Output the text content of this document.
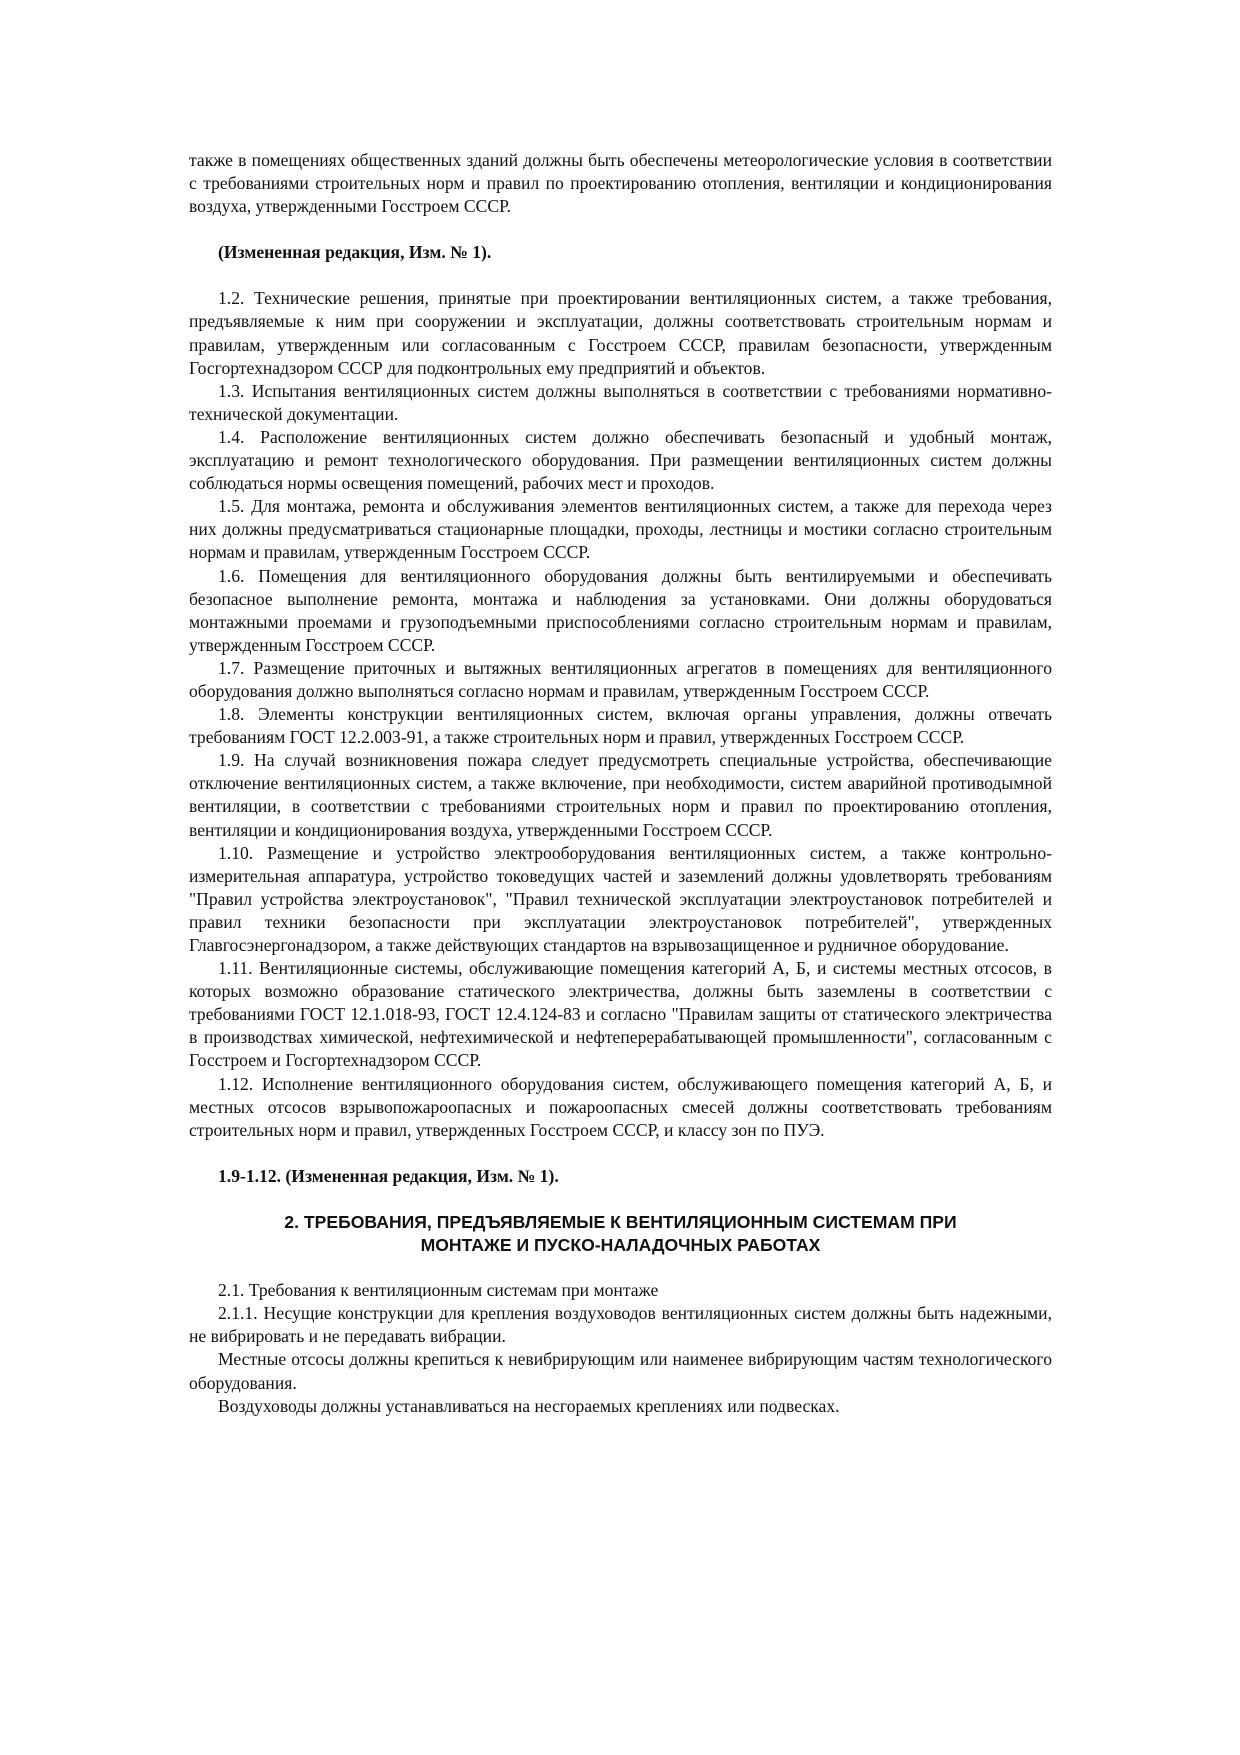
также в помещениях общественных зданий должны быть обеспечены метеорологические условия в соответствии с требованиями строительных норм и правил по проектированию отопления, вентиляции и кондиционирования воздуха, утвержденными Госстроем СССР.

(Измененная редакция, Изм. № 1).

1.2. Технические решения, принятые при проектировании вентиляционных систем, а также требования, предъявляемые к ним при сооружении и эксплуатации, должны соответствовать строительным нормам и правилам, утвержденным или согласованным с Госстроем СССР, правилам безопасности, утвержденным Госгортехнадзором СССР для подконтрольных ему предприятий и объектов.

1.3. Испытания вентиляционных систем должны выполняться в соответствии с требованиями нормативно-технической документации.

1.4. Расположение вентиляционных систем должно обеспечивать безопасный и удобный монтаж, эксплуатацию и ремонт технологического оборудования. При размещении вентиляционных систем должны соблюдаться нормы освещения помещений, рабочих мест и проходов.

1.5. Для монтажа, ремонта и обслуживания элементов вентиляционных систем, а также для перехода через них должны предусматриваться стационарные площадки, проходы, лестницы и мостики согласно строительным нормам и правилам, утвержденным Госстроем СССР.

1.6. Помещения для вентиляционного оборудования должны быть вентилируемыми и обеспечивать безопасное выполнение ремонта, монтажа и наблюдения за установками. Они должны оборудоваться монтажными проемами и грузоподъемными приспособлениями согласно строительным нормам и правилам, утвержденным Госстроем СССР.

1.7. Размещение приточных и вытяжных вентиляционных агрегатов в помещениях для вентиляционного оборудования должно выполняться согласно нормам и правилам, утвержденным Госстроем СССР.

1.8. Элементы конструкции вентиляционных систем, включая органы управления, должны отвечать требованиям ГОСТ 12.2.003-91, а также строительных норм и правил, утвержденных Госстроем СССР.

1.9. На случай возникновения пожара следует предусмотреть специальные устройства, обеспечивающие отключение вентиляционных систем, а также включение, при необходимости, систем аварийной противодымной вентиляции, в соответствии с требованиями строительных норм и правил по проектированию отопления, вентиляции и кондиционирования воздуха, утвержденными Госстроем СССР.

1.10. Размещение и устройство электрооборудования вентиляционных систем, а также контрольно-измерительная аппаратура, устройство токоведущих частей и заземлений должны удовлетворять требованиям "Правил устройства электроустановок", "Правил технической эксплуатации электроустановок потребителей и правил техники безопасности при эксплуатации электроустановок потребителей", утвержденных Главгосэнергонадзором, а также действующих стандартов на взрывозащищенное и рудничное оборудование.

1.11. Вентиляционные системы, обслуживающие помещения категорий А, Б, и системы местных отсосов, в которых возможно образование статического электричества, должны быть заземлены в соответствии с требованиями ГОСТ 12.1.018-93, ГОСТ 12.4.124-83 и согласно "Правилам защиты от статического электричества в производствах химической, нефтехимической и нефтеперерабатывающей промышленности", согласованным с Госстроем и Госгортехнадзором СССР.

1.12. Исполнение вентиляционного оборудования систем, обслуживающего помещения категорий А, Б, и местных отсосов взрывопожароопасных и пожароопасных смесей должны соответствовать требованиям строительных норм и правил, утвержденных Госстроем СССР, и классу зон по ПУЭ.

1.9-1.12. (Измененная редакция, Изм. № 1).

2. ТРЕБОВАНИЯ, ПРЕДЪЯВЛЯЕМЫЕ К ВЕНТИЛЯЦИОННЫМ СИСТЕМАМ ПРИ
МОНТАЖЕ И ПУСКО-НАЛАДОЧНЫХ РАБОТАХ

2.1. Требования к вентиляционным системам при монтаже

2.1.1. Несущие конструкции для крепления воздуховодов вентиляционных систем должны быть надежными, не вибрировать и не передавать вибрации.

Местные отсосы должны крепиться к невибрирующим или наименее вибрирующим частям технологического оборудования.

Воздуховоды должны устанавливаться на несгораемых креплениях или подвесках.
